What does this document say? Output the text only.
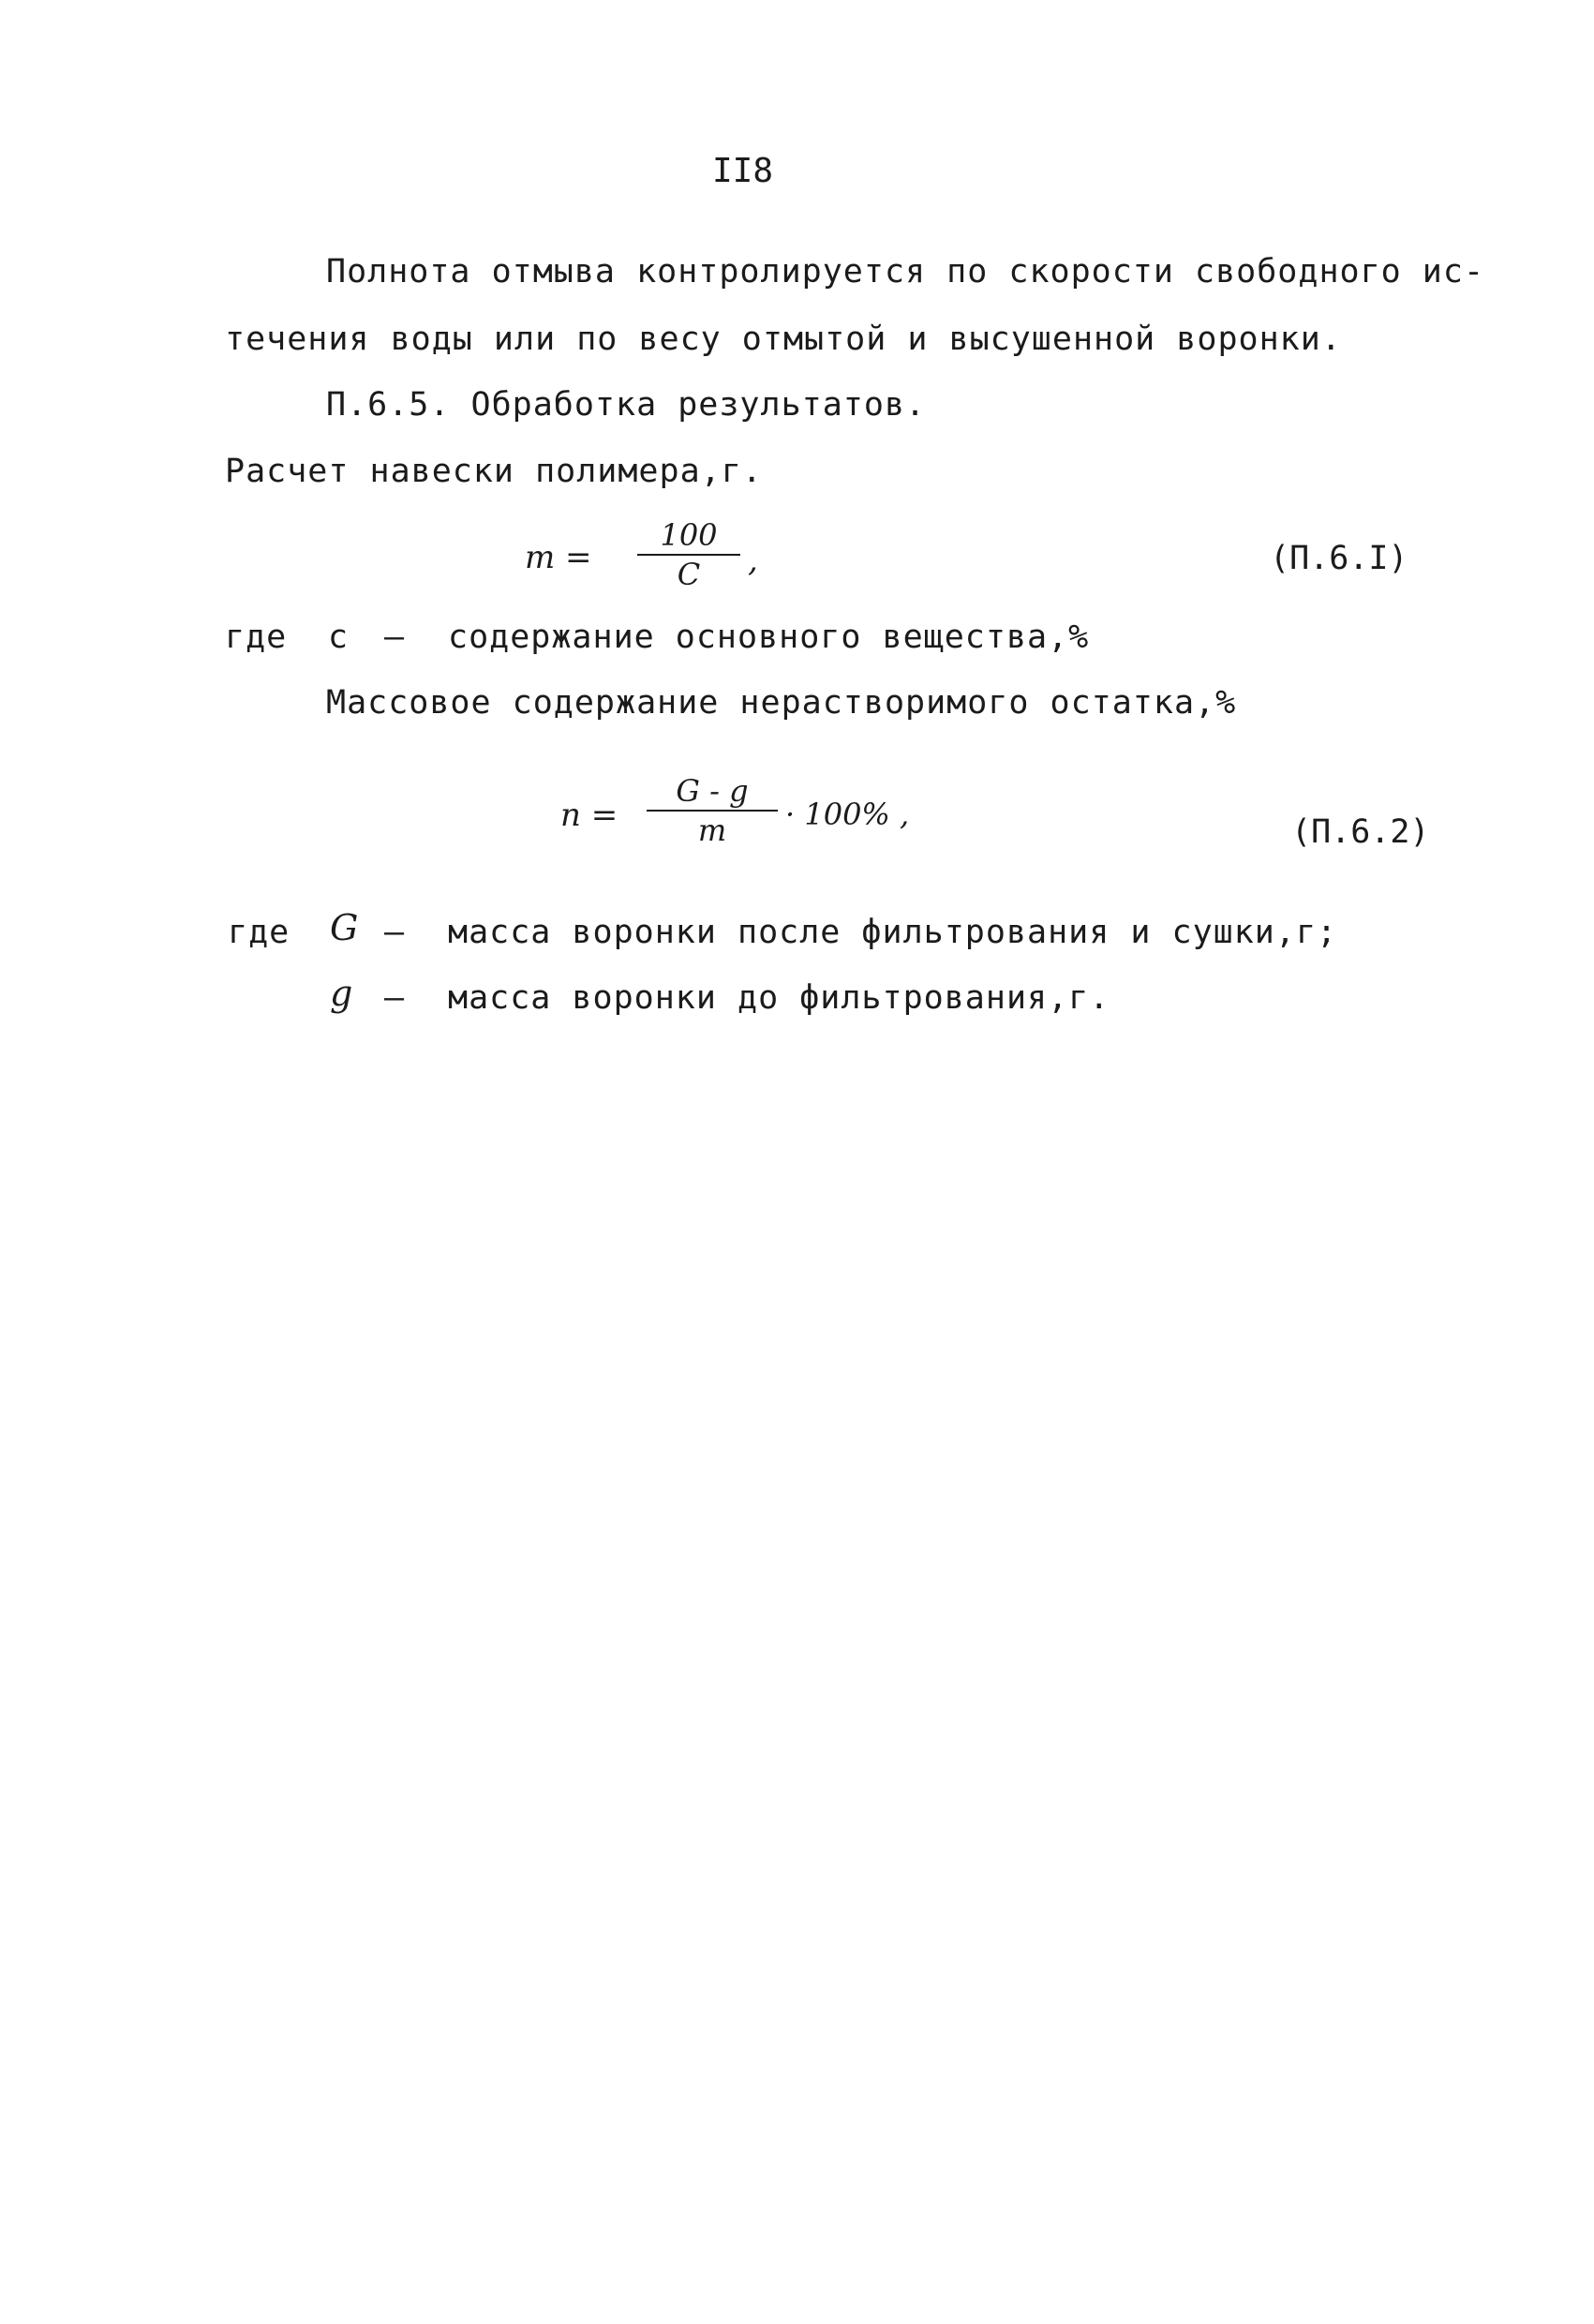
II8
Полнота отмыва контролируется по скорости свободного ис-
течения воды или по весу отмытой и высушенной воронки.
П.6.5. Обработка результатов.
Расчет навески полимера,г.
m =
100
C	,	(П.6.I)
где с – содержание основного вещества,%
Массовое содержание нерастворимого остатка,%
n =
G - g
m	· 100% ,	(П.6.2)
где G – масса воронки после фильтрования и сушки,г;
g – масса воронки до фильтрования,г.
